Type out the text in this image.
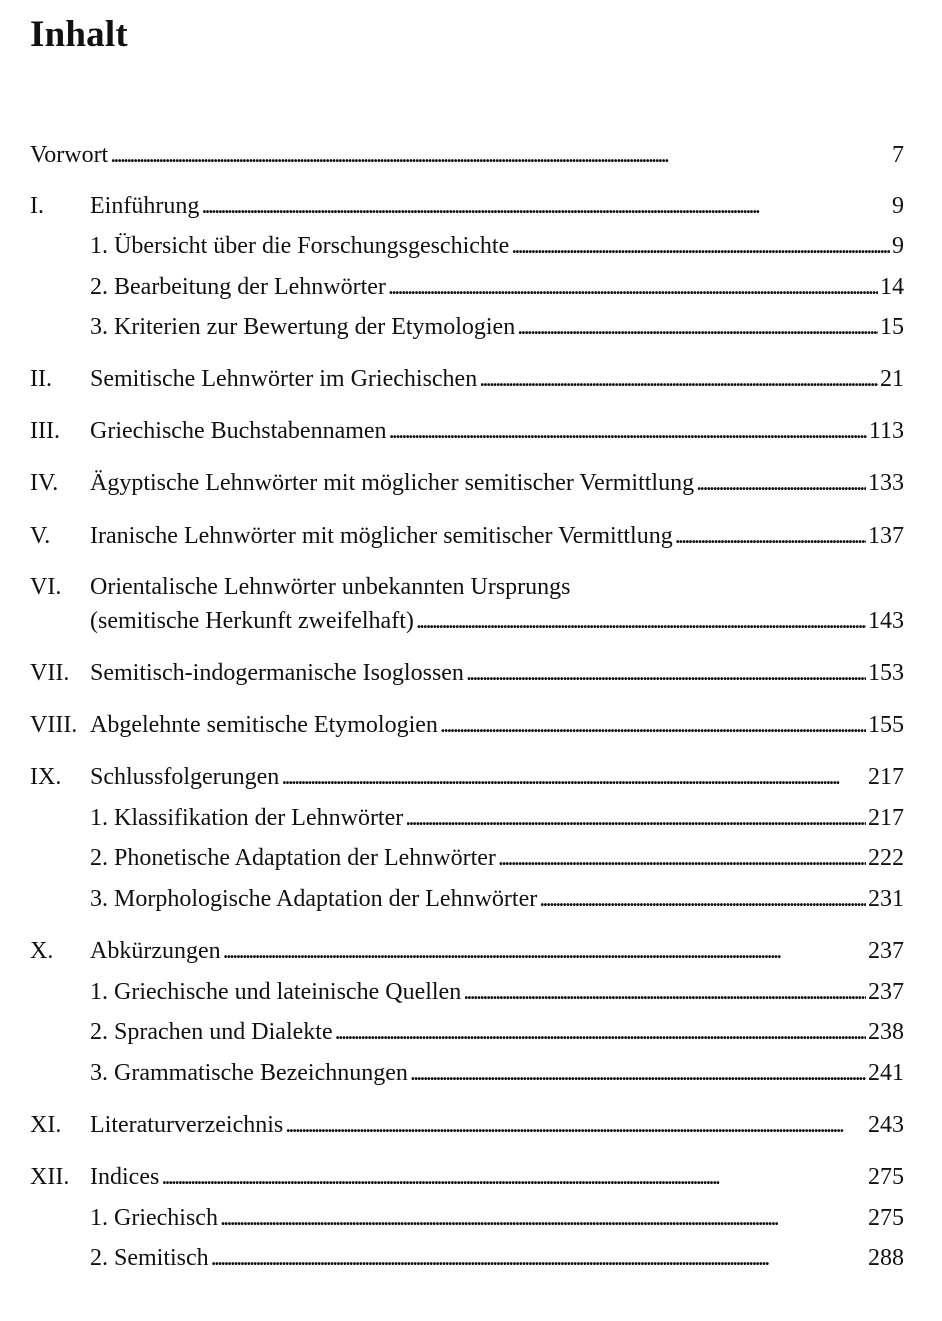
Inhalt
Vorwort . . .	7
I. Einführung . . .	9
1. Übersicht über die Forschungsgeschichte . . .	9
2. Bearbeitung der Lehnwörter . . .	14
3. Kriterien zur Bewertung der Etymologien . . .	15
II. Semitische Lehnwörter im Griechischen . . .	21
III. Griechische Buchstabennamen . . .	113
IV. Ägyptische Lehnwörter mit möglicher semitischer Vermittlung . . .	133
V. Iranische Lehnwörter mit möglicher semitischer Vermittlung . . .	137
VI. Orientalische Lehnwörter unbekannten Ursprungs
(semitische Herkunft zweifelhaft) . . .	143
VII. Semitisch-indogermanische Isoglossen . . .	153
VIII. Abgelehnte semitische Etymologien . . .	155
IX. Schlussfolgerungen . . .	217
1. Klassifikation der Lehnwörter . . .	217
2. Phonetische Adaptation der Lehnwörter . . .	222
3. Morphologische Adaptation der Lehnwörter . . .	231
X. Abkürzungen . . .	237
1. Griechische und lateinische Quellen . . .	237
2. Sprachen und Dialekte . . .	238
3. Grammatische Bezeichnungen . . .	241
XI. Literaturverzeichnis . . .	243
XII. Indices . . .	275
1. Griechisch . . .	275
2. Semitisch . . .	288
